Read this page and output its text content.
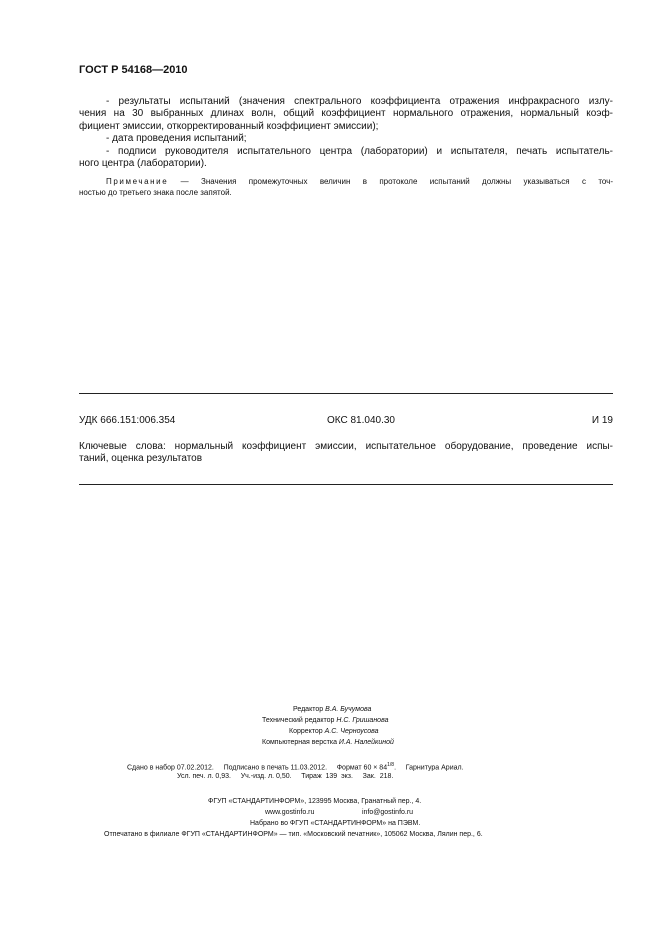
ГОСТ Р 54168—2010
- результаты испытаний (значения спектрального коэффициента отражения инфракрасного излу-
чения на 30 выбранных длинах волн, общий коэффициент нормального отражения, нормальный коэф-
фициент эмиссии, откорректированный коэффициент эмиссии);
- дата проведения испытаний;
- подписи руководителя испытательного центра (лаборатории) и испытателя, печать испытатель-
ного центра (лаборатории).
Примечание — Значения промежуточных величин в протоколе испытаний должны указываться с точ-
ностью до третьего знака после запятой.
УДК 666.151:006.354	ОКС 81.040.30	И 19
Ключевые слова: нормальный коэффициент эмиссии, испытательное оборудование, проведение испы-
таний, оценка результатов
Редактор В.А. Бучумова
Технический редактор Н.С. Гришанова
Корректор А.С. Черноусова
Компьютерная верстка И.А. Налейкиной
Сдано в набор 07.02.2012.     Подписано в печать 11.03.2012.     Формат $60 \times 84^{1/8}$.     Гарнитура Ариал.
Усл. печ. л. 0,93.     Уч.-изд. л. 0,50.     Тираж  139  экз.     Зак.  218.
ФГУП «СТАНДАРТИНФОРМ», 123995 Москва, Гранатный пер., 4.
www.gostinfo.ru	info@gostinfo.ru
Набрано во ФГУП «СТАНДАРТИНФОРМ» на ПЭВМ.
Отпечатано в филиале ФГУП «СТАНДАРТИНФОРМ» — тип. «Московский печатник», 105062 Москва, Лялин пер., 6.
